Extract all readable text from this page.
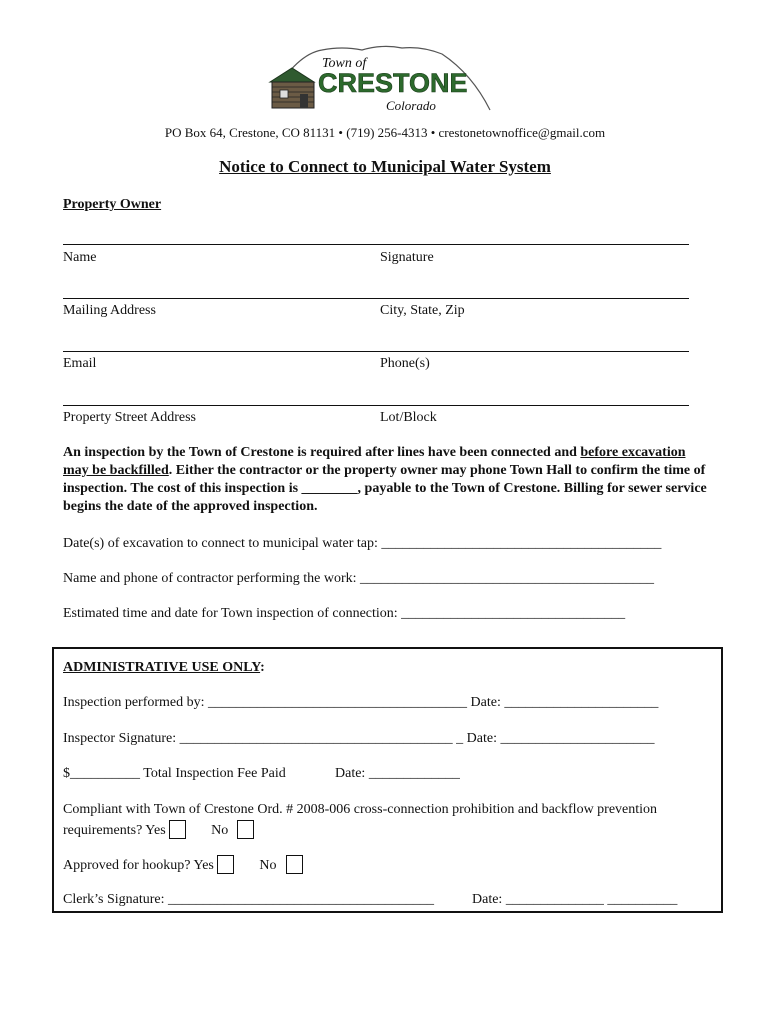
Town of
CRESTONE
Colorado
PO Box 64, Crestone, CO 81131 • (719) 256-4313 • crestonetownoffice@gmail.com
Notice to Connect to Municipal Water System
Property Owner
Name	Signature
Mailing Address	City, State, Zip
Email	Phone(s)
Property Street Address	Lot/Block
An inspection by the Town of Crestone is required after lines have been connected and before excavation may be backfilled. Either the contractor or the property owner may phone Town Hall to confirm the time of inspection. The cost of this inspection is ________, payable to the Town of Crestone. Billing for sewer service begins the date of the approved inspection.
Date(s) of excavation to connect to municipal water tap: ________________________________________
Name and phone of contractor performing the work: __________________________________________
Estimated time and date for Town inspection of connection: ________________________________
ADMINISTRATIVE USE ONLY:
Inspection performed by: _____________________________________ Date: ______________________
Inspector Signature: _______________________________________ _ Date: ______________________
$__________ Total Inspection Fee Paid	Date: _____________
Compliant with Town of Crestone Ord. # 2008-006 cross-connection prohibition and backflow prevention
requirements? Yes	No
Approved for hookup? Yes	No
Clerk’s Signature: ______________________________________	Date: ______________ __________
